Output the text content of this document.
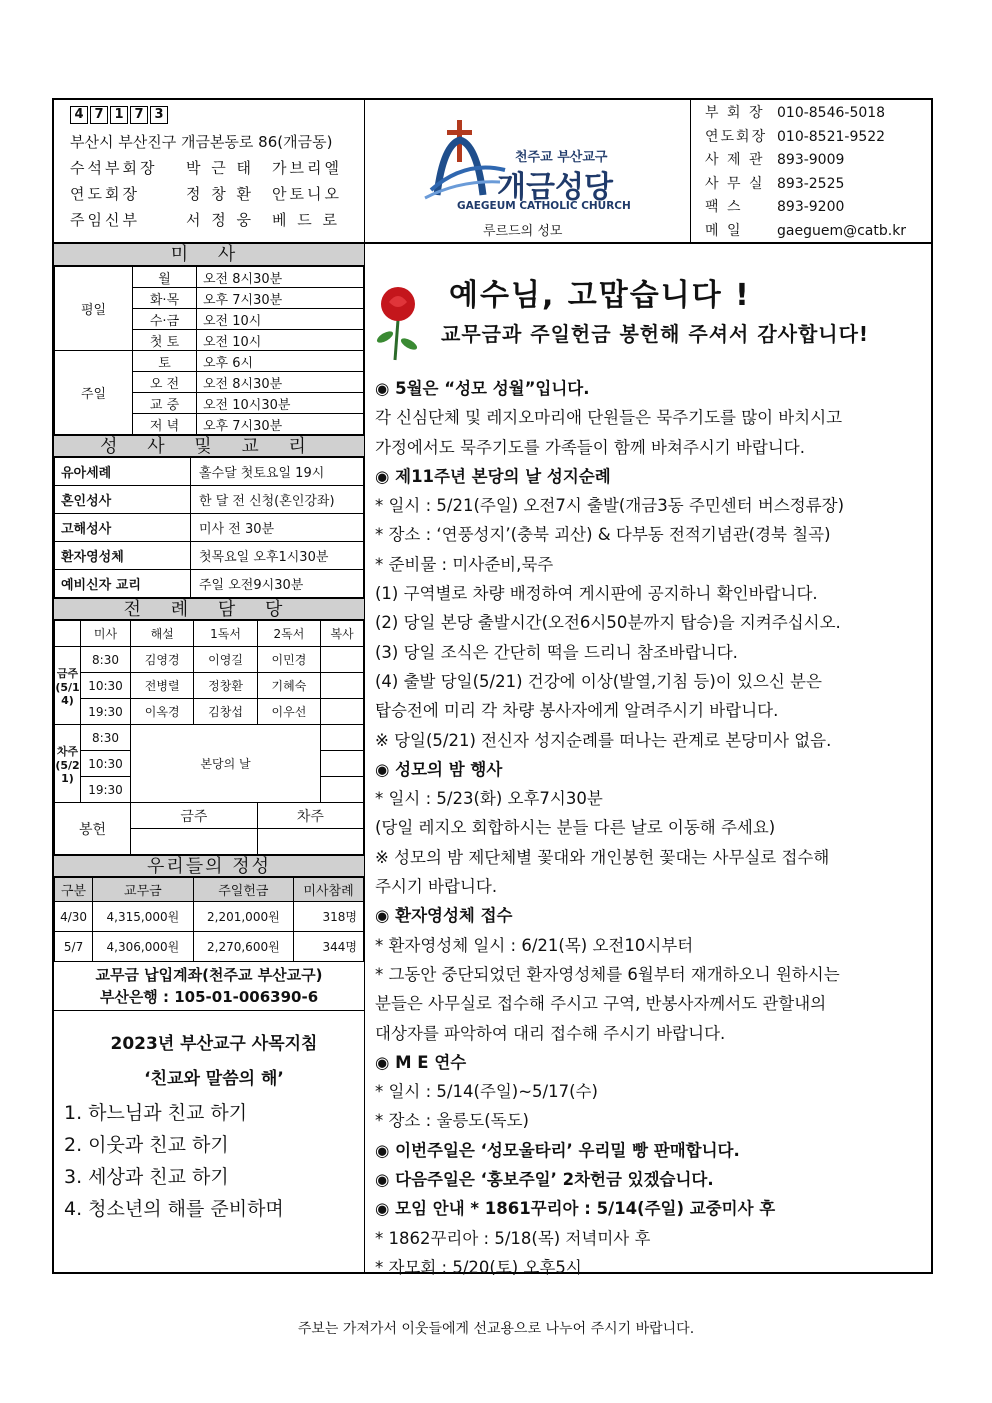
4 7 1 7 3
부산시 부산진구 개금본동로 86(개금동)
수석부회장	박 근 태	가브리엘
연도회장	정 창 환	안토니오
주임신부	서 정 웅	베 드 로
천주교 부산교구
개금성당
GAEGEUM CATHOLIC CHURCH
루르드의 성모
부 회 장 010-8546-5018
연도회장 010-8521-9522
사 제 관 893-9009
사 무 실 893-2525
팩 스	893-9200
메 일	gaeguem@catb.kr
미 사
평일	월	오전 8시30분
	화·목	오후 7시30분
	수·금	오전 10시
	첫 토	오전 10시
주일	토	오후 6시
	오 전	오전 8시30분
	교 중	오전 10시30분
	저 녁	오후 7시30분
성 사 및 교 리
유아세례	홀수달 첫토요일 19시
혼인성사	한 달 전 신청(혼인강좌)
고해성사	미사 전 30분
환자영성체	첫목요일 오후1시30분
예비신자 교리	주일 오전9시30분
전 례 담 당
	미사	해설	1독서	2독서	복사
금주(5/14)	8:30	김영경	이영길	이민경	
	10:30	전병렬	정창환	기혜숙	
	19:30	이옥경	김창섭	이우선	
차주(5/21)	8:30	본당의 날			
	10:30				
	19:30				
봉헌		금주		차주	

우리들의 정성
구분	교무금	주일헌금	미사참례
4/30	4,315,000원	2,201,000원	318명
5/7	4,306,000원	2,270,600원	344명
교무금 납입계좌(천주교 부산교구)
부산은행 : 105-01-006390-6
2023년 부산교구 사목지침
‘친교와 말씀의 해’
1. 하느님과 친교 하기
2. 이웃과 친교 하기
3. 세상과 친교 하기
4. 청소년의 해를 준비하며
예수님, 고맙습니다 !
교무금과 주일헌금 봉헌해 주셔서 감사합니다!

◉ 5월은 “성모 성월”입니다.

각 신심단체 및 레지오마리애 단원들은 묵주기도를 많이 바치시고

가정에서도 묵주기도를 가족들이 함께 바쳐주시기 바랍니다.

◉ 제11주년 본당의 날 성지순례

* 일시 : 5/21(주일) 오전7시 출발(개금3동 주민센터 버스정류장)

* 장소 : ‘연풍성지’(충북 괴산) & 다부동 전적기념관(경북 칠곡)

* 준비물 : 미사준비,묵주

(1) 구역별로 차량 배정하여 게시판에 공지하니 확인바랍니다.

(2) 당일 본당 출발시간(오전6시50분까지 탑승)을 지켜주십시오.

(3) 당일 조식은 간단히 떡을 드리니 참조바랍니다.

(4) 출발 당일(5/21) 건강에 이상(발열,기침 등)이 있으신 분은

탑승전에 미리 각 차량 봉사자에게 알려주시기 바랍니다.

※ 당일(5/21) 전신자 성지순례를 떠나는 관계로 본당미사 없음.

◉ 성모의 밤 행사

* 일시 : 5/23(화) 오후7시30분

(당일 레지오 회합하시는 분들 다른 날로 이동해 주세요)

※ 성모의 밤 제단체별 꽃대와 개인봉헌 꽃대는 사무실로 접수해

주시기 바랍니다.

◉ 환자영성체 접수

* 환자영성체 일시 : 6/21(목) 오전10시부터

* 그동안 중단되었던 환자영성체를 6월부터 재개하오니 원하시는

분들은 사무실로 접수해 주시고 구역, 반봉사자께서도 관할내의

대상자를 파악하여 대리 접수해 주시기 바랍니다.

◉ M E 연수

* 일시 : 5/14(주일)~5/17(수)

* 장소 : 울릉도(독도)

◉ 이번주일은 ‘성모울타리’ 우리밀 빵 판매합니다.

◉ 다음주일은 ‘홍보주일’ 2차헌금 있겠습니다.

◉ 모임 안내 * 1861꾸리아 : 5/14(주일) 교중미사 후

* 1862꾸리아 : 5/18(목) 저녁미사 후

* 자모회 : 5/20(토) 오후5시

주보는 가져가서 이웃들에게 선교용으로 나누어 주시기 바랍니다.
